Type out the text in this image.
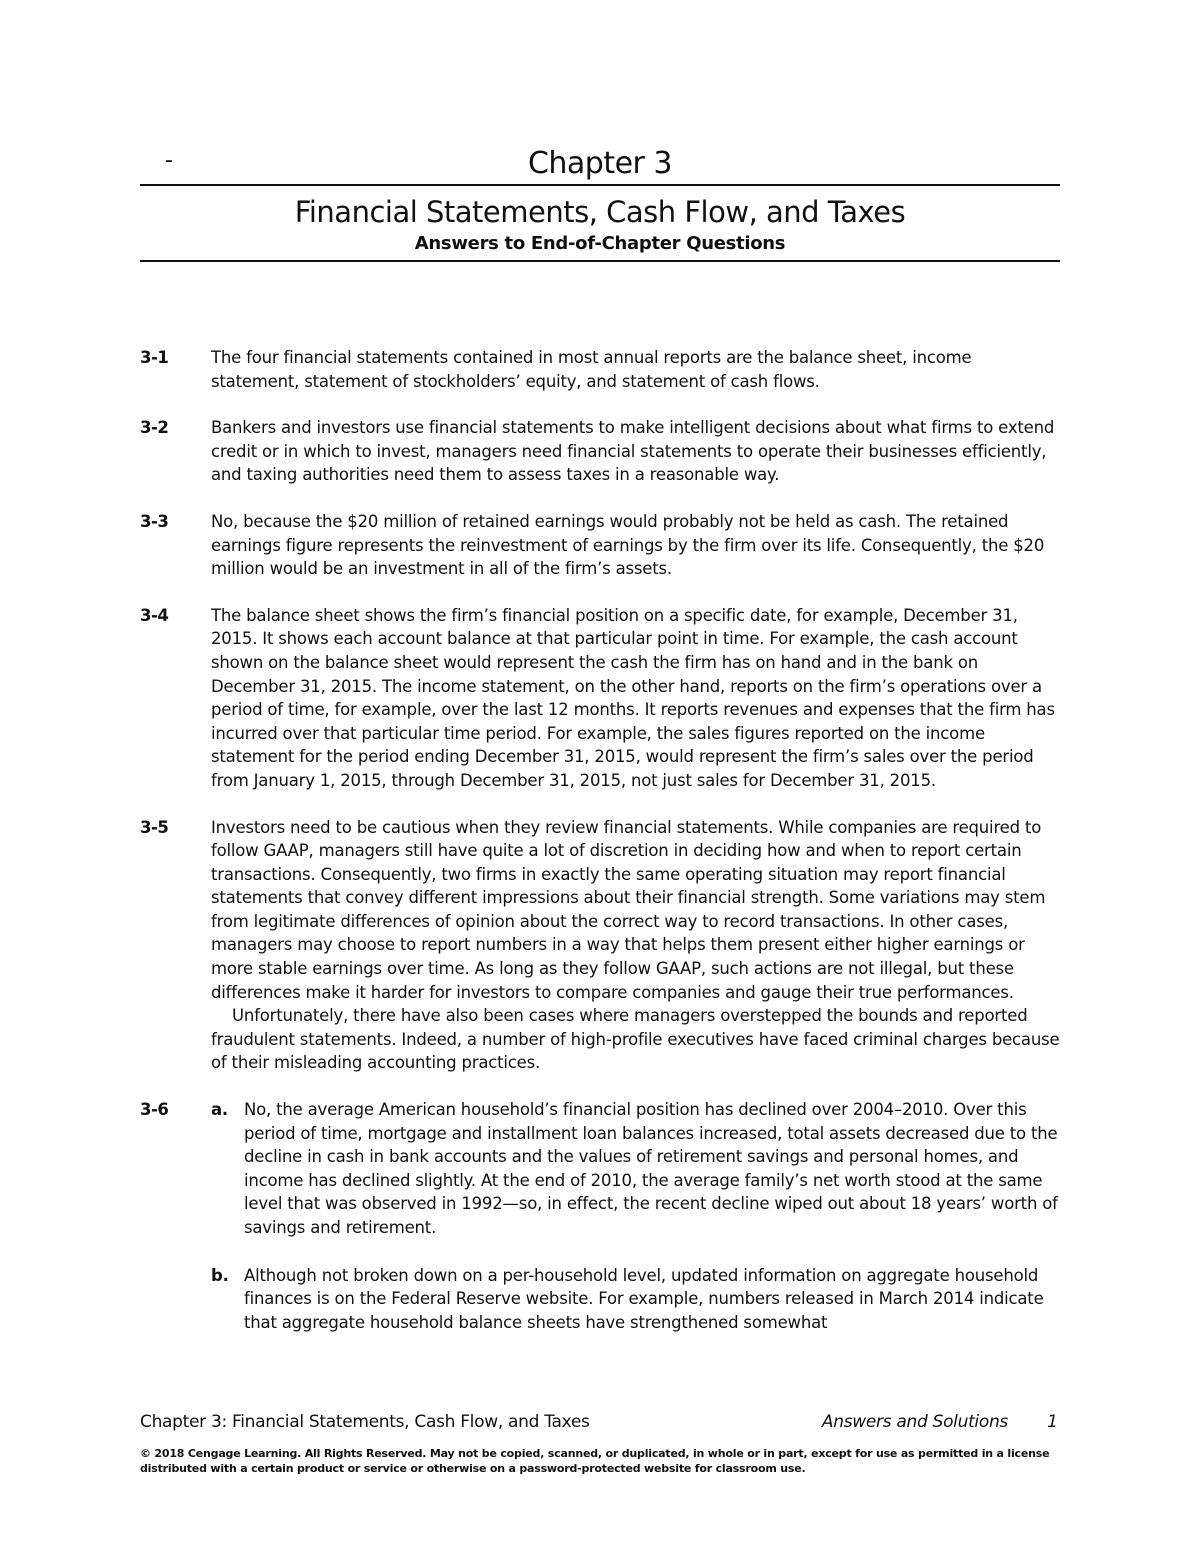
-	Chapter 3
Financial Statements, Cash Flow, and Taxes
Answers to End-of-Chapter Questions
3-1	The four financial statements contained in most annual reports are the balance sheet, income statement, statement of stockholders’ equity, and statement of cash flows.

3-2	Bankers and investors use financial statements to make intelligent decisions about what firms to extend credit or in which to invest, managers need financial statements to operate their businesses efficiently, and taxing authorities need them to assess taxes in a reasonable way.

3-3	No, because the $20 million of retained earnings would probably not be held as cash. The retained earnings figure represents the reinvestment of earnings by the firm over its life. Consequently, the $20 million would be an investment in all of the firm’s assets.

3-4	The balance sheet shows the firm’s financial position on a specific date, for example, December 31, 2015. It shows each account balance at that particular point in time. For example, the cash account shown on the balance sheet would represent the cash the firm has on hand and in the bank on December 31, 2015. The income statement, on the other hand, reports on the firm’s operations over a period of time, for example, over the last 12 months. It reports revenues and expenses that the firm has incurred over that particular time period. For example, the sales figures reported on the income statement for the period ending December 31, 2015, would represent the firm’s sales over the period from January 1, 2015, through December 31, 2015, not just sales for December 31, 2015.

3-5	Investors need to be cautious when they review financial statements. While companies are required to follow GAAP, managers still have quite a lot of discretion in deciding how and when to report certain transactions. Consequently, two firms in exactly the same operating situation may report financial statements that convey different impressions about their financial strength. Some variations may stem from legitimate differences of opinion about the correct way to record transactions. In other cases, managers may choose to report numbers in a way that helps them present either higher earnings or more stable earnings over time. As long as they follow GAAP, such actions are not illegal, but these differences make it harder for investors to compare companies and gauge their true performances.

Unfortunately, there have also been cases where managers overstepped the bounds and reported fraudulent statements. Indeed, a number of high-profile executives have faced criminal charges because of their misleading accounting practices.

3-6	a. No, the average American household’s financial position has declined over 2004–2010. Over this period of time, mortgage and installment loan balances increased, total assets decreased due to the decline in cash in bank accounts and the values of retirement savings and personal homes, and income has declined slightly. At the end of 2010, the average family’s net worth stood at the same level that was observed in 1992—so, in effect, the recent decline wiped out about 18 years’ worth of savings and retirement.

b. Although not broken down on a per-household level, updated information on aggregate household finances is on the Federal Reserve website. For example, numbers released in March 2014 indicate that aggregate household balance sheets have strengthened somewhat

Chapter 3: Financial Statements, Cash Flow, and Taxes	Answers and Solutions 1
© 2018 Cengage Learning. All Rights Reserved. May not be copied, scanned, or duplicated, in whole or in part, except for use as permitted in a license distributed with a certain product or service or otherwise on a password-protected website for classroom use.
